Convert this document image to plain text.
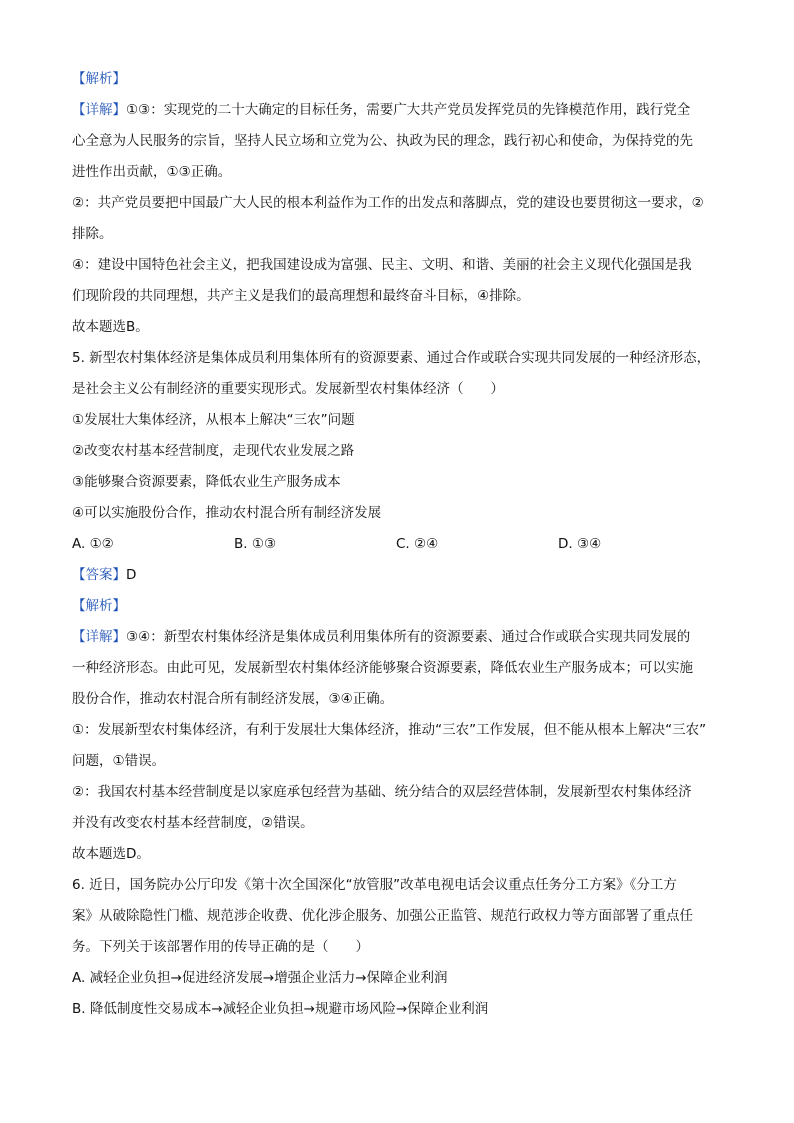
【解析】
【详解】①③：实现党的二十大确定的目标任务，需要广大共产党员发挥党员的先锋模范作用，践行党全
心全意为人民服务的宗旨，坚持人民立场和立党为公、执政为民的理念，践行初心和使命，为保持党的先
进性作出贡献，①③正确。
②：共产党员要把中国最广大人民的根本利益作为工作的出发点和落脚点，党的建设也要贯彻这一要求，②
排除。
④：建设中国特色社会主义，把我国建设成为富强、民主、文明、和谐、美丽的社会主义现代化强国是我
们现阶段的共同理想，共产主义是我们的最高理想和最终奋斗目标，④排除。
故本题选B。
5. 新型农村集体经济是集体成员利用集体所有的资源要素、通过合作或联合实现共同发展的一种经济形态，
是社会主义公有制经济的重要实现形式。发展新型农村集体经济（　　）
①发展壮大集体经济，从根本上解决“三农”问题
②改变农村基本经营制度，走现代农业发展之路
③能够聚合资源要素，降低农业生产服务成本
④可以实施股份合作，推动农村混合所有制经济发展
A. ①②	B. ①③	C. ②④	D. ③④
【答案】D
【解析】
【详解】③④：新型农村集体经济是集体成员利用集体所有的资源要素、通过合作或联合实现共同发展的
一种经济形态。由此可见，发展新型农村集体经济能够聚合资源要素，降低农业生产服务成本；可以实施
股份合作，推动农村混合所有制经济发展，③④正确。
①：发展新型农村集体经济，有利于发展壮大集体经济，推动“三农”工作发展，但不能从根本上解决“三农”
问题，①错误。
②：我国农村基本经营制度是以家庭承包经营为基础、统分结合的双层经营体制，发展新型农村集体经济
并没有改变农村基本经营制度，②错误。
故本题选D。
6. 近日，国务院办公厅印发《第十次全国深化“放管服”改革电视电话会议重点任务分工方案》《分工方
案》从破除隐性门槛、规范涉企收费、优化涉企服务、加强公正监管、规范行政权力等方面部署了重点任
务。下列关于该部署作用的传导正确的是（　　）
A. 减轻企业负担→促进经济发展→增强企业活力→保障企业利润
B. 降低制度性交易成本→减轻企业负担→规避市场风险→保障企业利润
